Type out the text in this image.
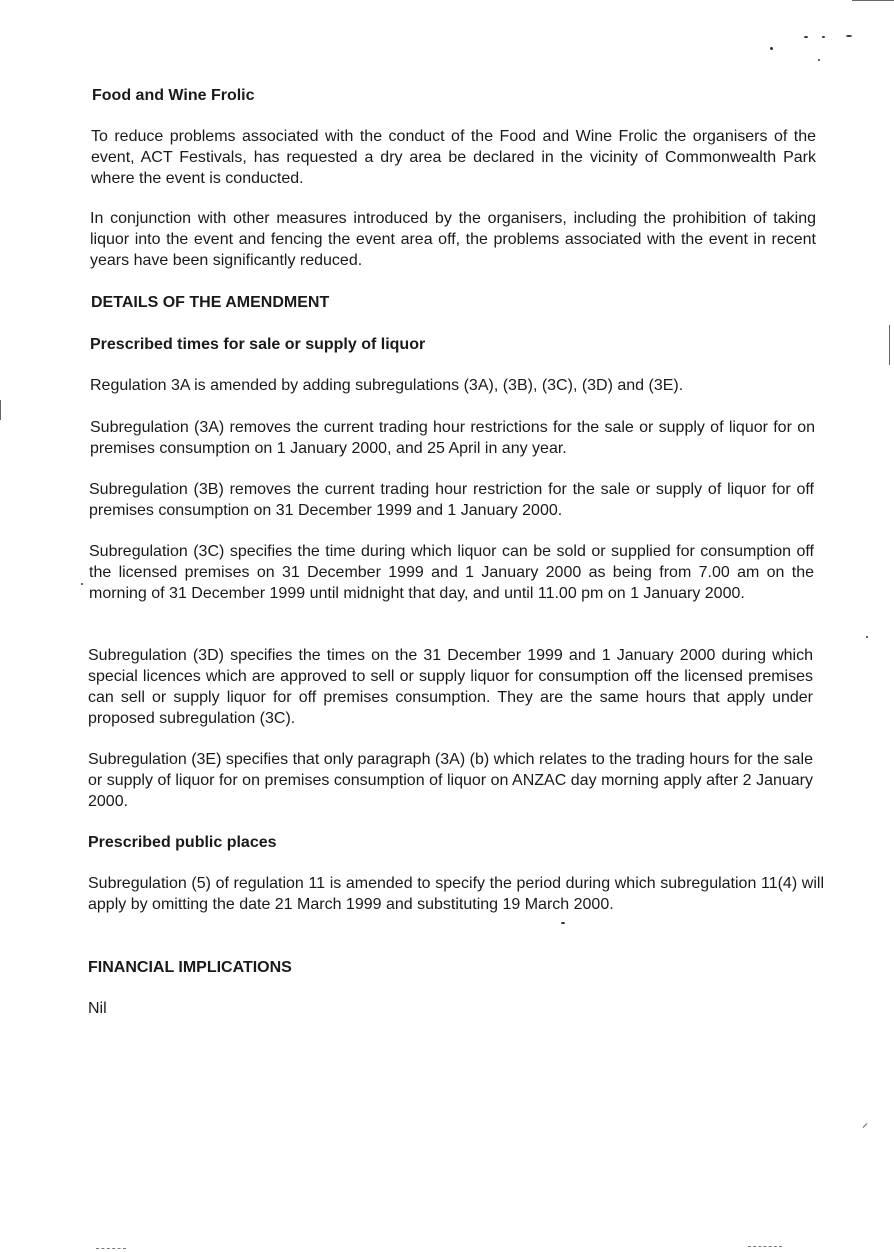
Food and Wine Frolic
To reduce problems associated with the conduct of the Food and Wine Frolic the organisers of the event, ACT Festivals, has requested a dry area be declared in the vicinity of Commonwealth Park where the event is conducted.
In conjunction with other measures introduced by the organisers, including the prohibition of taking liquor into the event and fencing the event area off, the problems associated with the event in recent years have been significantly reduced.
DETAILS OF THE AMENDMENT
Prescribed times for sale or supply of liquor
Regulation 3A is amended by adding subregulations (3A), (3B), (3C), (3D) and (3E).
Subregulation (3A) removes the current trading hour restrictions for the sale or supply of liquor for on premises consumption on 1 January 2000, and 25 April in any year.
Subregulation (3B) removes the current trading hour restriction for the sale or supply of liquor for off premises consumption on 31 December 1999 and 1 January 2000.
Subregulation (3C) specifies the time during which liquor can be sold or supplied for consumption off the licensed premises on 31 December 1999 and 1 January 2000 as being from 7.00 am on the morning of 31 December 1999 until midnight that day, and until 11.00 pm on 1 January 2000.
Subregulation (3D) specifies the times on the 31 December 1999 and 1 January 2000 during which special licences which are approved to sell or supply liquor for consumption off the licensed premises can sell or supply liquor for off premises consumption. They are the same hours that apply under proposed subregulation (3C).
Subregulation (3E) specifies that only paragraph (3A) (b) which relates to the trading hours for the sale or supply of liquor for on premises consumption of liquor on ANZAC day morning apply after 2 January 2000.
Prescribed public places
Subregulation (5) of regulation 11 is amended to specify the period during which subregulation 11(4) will apply by omitting the date 21 March 1999 and substituting 19 March 2000.
FINANCIAL IMPLICATIONS
Nil
